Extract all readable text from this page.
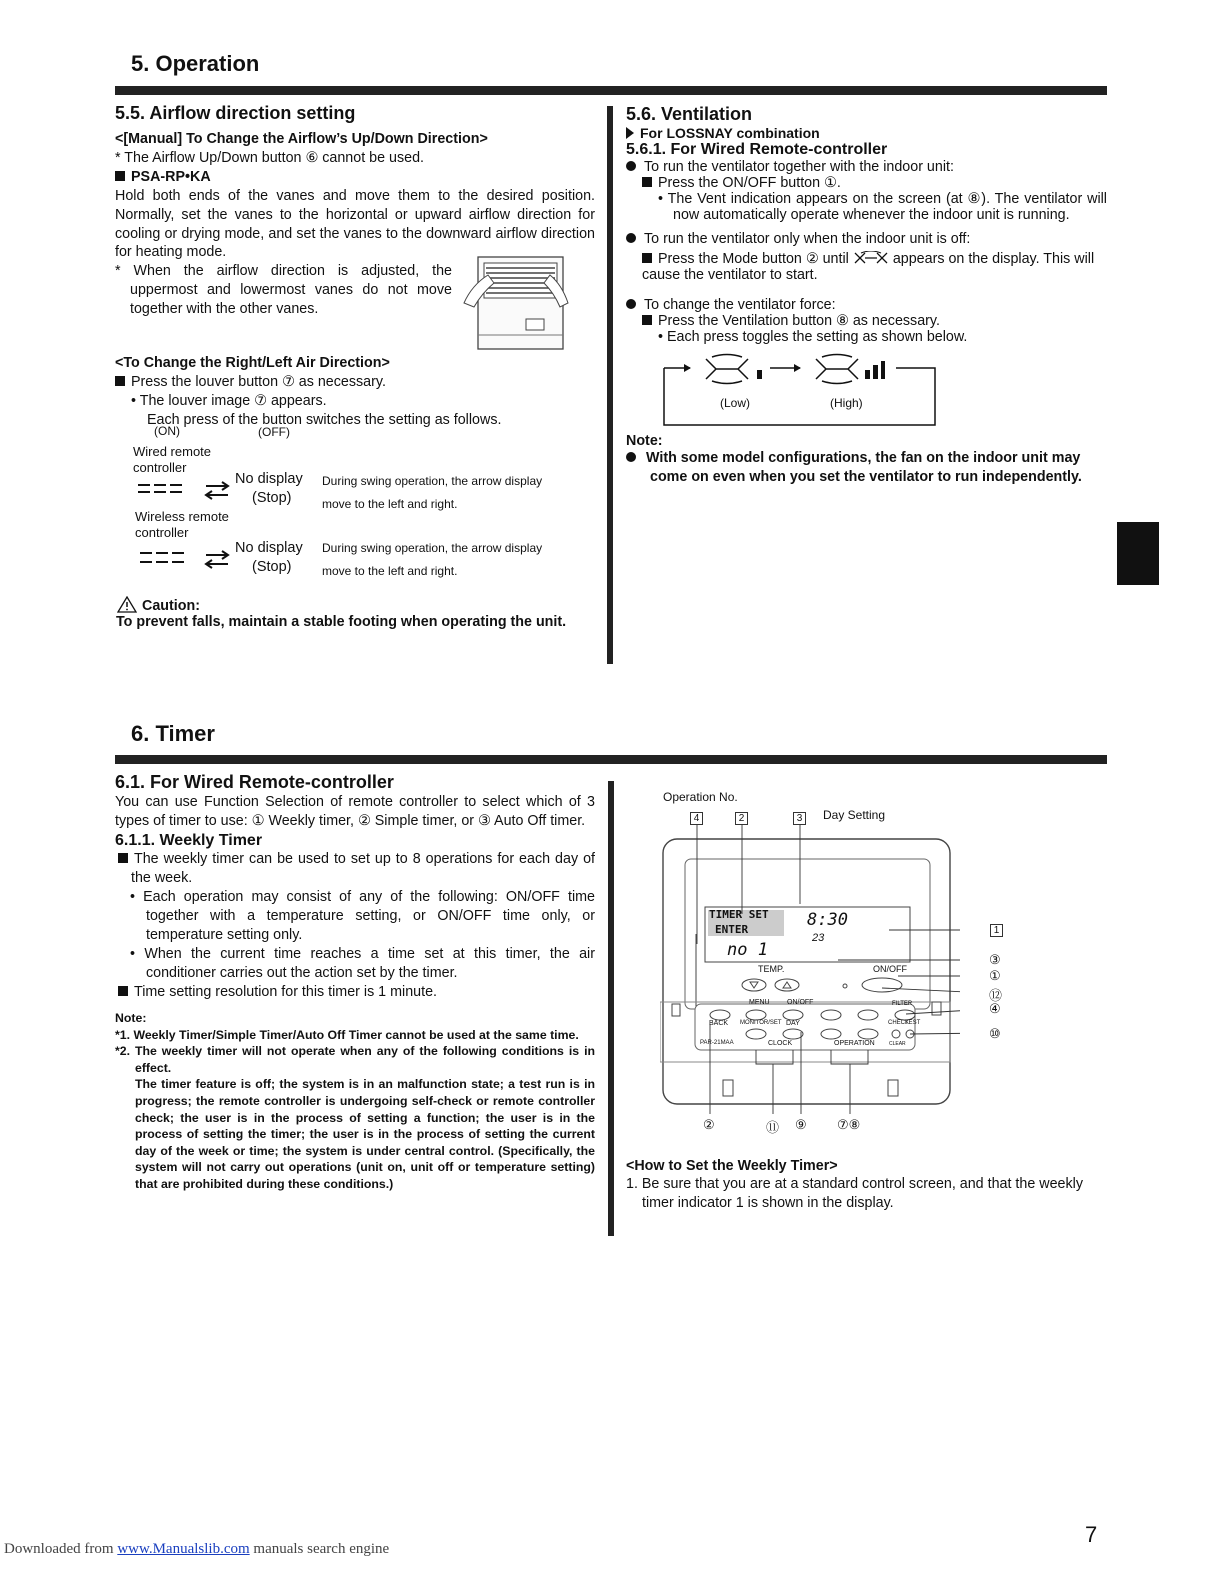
5. Operation
5.5. Airflow direction setting
<[Manual] To Change the Airflow’s Up/Down Direction>
* The Airflow Up/Down button ⑥ cannot be used.
PSA-RP•KA
Hold both ends of the vanes and move them to the desired position. Normally, set the vanes to the horizontal or upward airflow direction for cooling or drying mode, and set the vanes to the downward airflow direction for heating mode.
* When the airflow direction is adjusted, the uppermost and lowermost vanes do not move together with the other vanes.
<To Change the Right/Left Air Direction>
Press the louver button ⑦ as necessary.
• The louver image ⑦ appears.
Each press of the button switches the setting as follows.
(ON)	(OFF)
Wired remote controller
No display
(Stop)
During swing operation, the arrow display
move to the left and right.
Wireless remote controller
No display
(Stop)
During swing operation, the arrow display
move to the left and right.
Caution:
To prevent falls, maintain a stable footing when operating the unit.
5.6. Ventilation
For LOSSNAY combination
5.6.1. For Wired Remote-controller
To run the ventilator together with the indoor unit:
Press the ON/OFF button ①.
• The Vent indication appears on the screen (at ⑧). The ventilator will now automatically operate whenever the indoor unit is running.
To run the ventilator only when the indoor unit is off:
Press the Mode button ② until	appears on the display. This will cause the ventilator to start.
To change the ventilator force:
Press the Ventilation button ⑧ as necessary.
• Each press toggles the setting as shown below.
(Low)	(High)
Note:
With some model configurations, the fan on the indoor unit may come on even when you set the ventilator to run independently.
6. Timer
6.1. For Wired Remote-controller
You can use Function Selection of remote controller to select which of 3 types of timer to use: ① Weekly timer, ② Simple timer, or ③ Auto Off timer.
6.1.1. Weekly Timer
The weekly timer can be used to set up to 8 operations for each day of the week.
• Each operation may consist of any of the following: ON/OFF time together with a temperature setting, or ON/OFF time only, or temperature setting only.
• When the current time reaches a time set at this timer, the air conditioner carries out the action set by the timer.
Time setting resolution for this timer is 1 minute.
Note:
*1. Weekly Timer/Simple Timer/Auto Off Timer cannot be used at the same time.
*2. The weekly timer will not operate when any of the following conditions is in effect.
The timer feature is off; the system is in an malfunction state; a test run is in progress; the remote controller is undergoing self-check or remote controller check; the user is in the process of setting a function; the user is in the process of setting the timer; the user is in the process of setting the current day of the week or time; the system is under central control. (Specifically, the system will not carry out operations (unit on, unit off or temperature setting) that are prohibited during these conditions.)
Operation No.
Day Setting
4	2	3
TIMER SET
ENTER	8:30
23
no 1
TEMP.	ON/OFF
MENU ON/OFF	FILTER
BACK MONITOR/SET DAY	CHECK
TEST
PAR-21MAA	CLOCK	OPERATION	CLEAR
1
③
①
⑫
④
⑩
②	⑪ ⑨ ⑦⑧
<How to Set the Weekly Timer>
1. Be sure that you are at a standard control screen, and that the weekly timer indicator 1 is shown in the display.
Downloaded from www.Manualslib.com manuals search engine
7
